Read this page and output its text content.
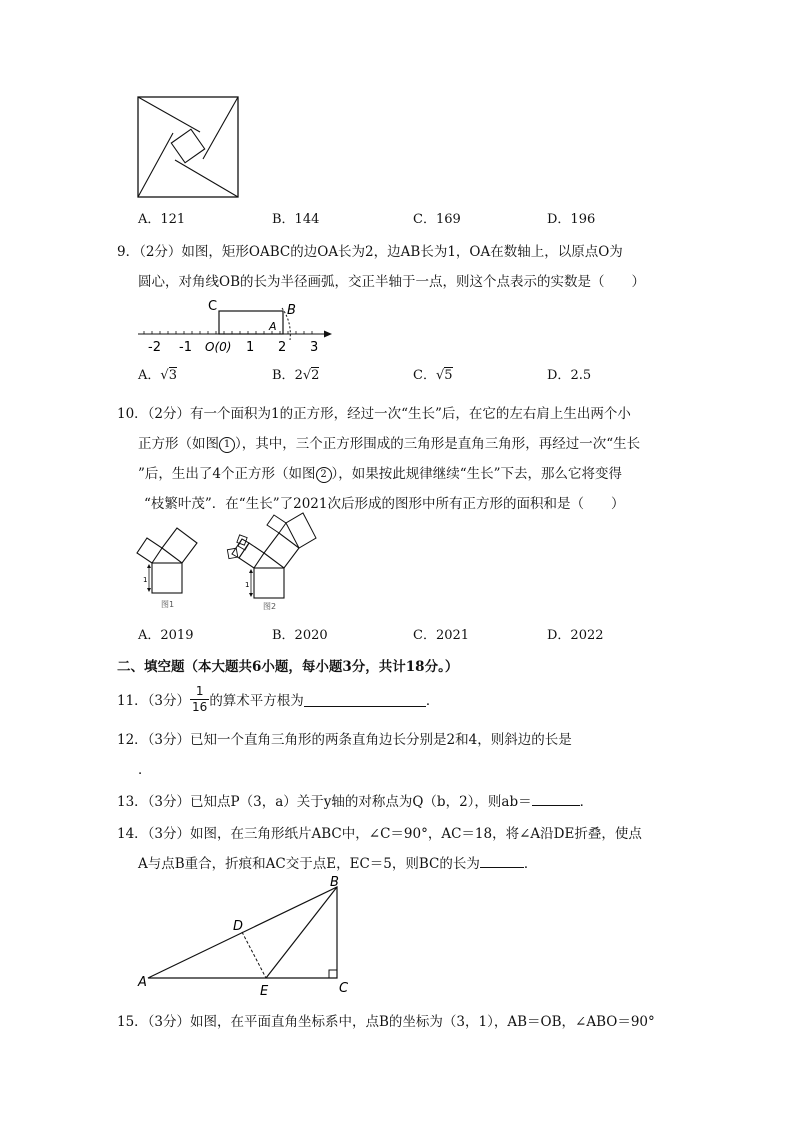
A．121	B．144	C．169	D．196
9．（2分）如图，矩形OABC的边OA长为2，边AB长为1，OA在数轴上，以原点O为
圆心，对角线OB的长为半径画弧，交正半轴于一点，则这个点表示的实数是（　　）
C	B
A
-2 -1 O(0) 1 2 3
A．√3	B．2√2	C．√5	D．2.5
10．（2分）有一个面积为1的正方形，经过一次“生长”后，在它的左右肩上生出两个小
正方形（如图 1 ），其中，三个正方形围成的三角形是直角三角形，再经过一次“生长
”后，生出了4个正方形（如图 2 ），如果按此规律继续“生长”下去，那么它将变得
“枝繁叶茂”．在“生长”了2021次后形成的图形中所有正方形的面积和是（　　）
1
图1
1
图2
A．2019	B．2020	C．2021	D．2022
二、填空题（本大题共6小题，每小题3分，共计18分。）
11．（3分） $\frac{1}{16}$ 的算术平方根为	．
12．（3分）已知一个直角三角形的两条直角边长分别是2和4，则斜边的长是
．
13．（3分）已知点P（3，a）关于y轴的对称点为Q（b，2），则ab＝	．
14．（3分）如图，在三角形纸片ABC中，∠C＝90°，AC＝18，将∠A沿DE折叠，使点
A与点B重合，折痕和AC交于点E，EC＝5，则BC的长为	．
A
B
C
D
E
15．（3分）如图，在平面直角坐标系中，点B的坐标为（3，1），AB＝OB，∠ABO＝90°
